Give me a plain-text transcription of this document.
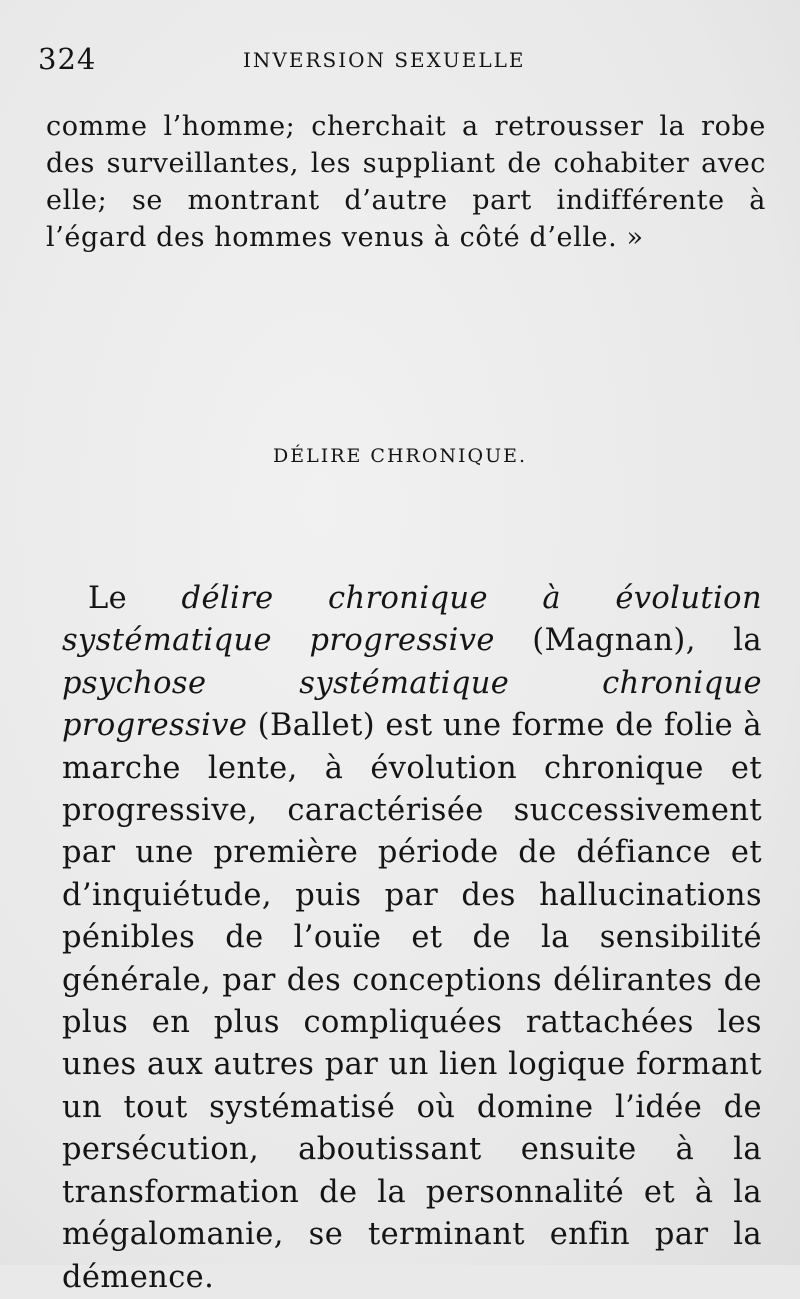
324	INVERSION SEXUELLE

comme l’homme; cherchait a retrousser la robe des surveillantes, les suppliant de cohabiter avec elle; se montrant d’autre part indifférente à l’égard des hommes venus à côté d’elle. »

DÉLIRE CHRONIQUE.

Le délire chronique à évolution systématique progressive (Magnan), la psychose systématique chronique progressive (Ballet) est une forme de folie à marche lente, à évolution chronique et progressive, caractérisée successivement par une première période de défiance et d’inquiétude, puis par des hallucinations pénibles de l’ouïe et de la sensibilité générale, par des conceptions délirantes de plus en plus compliquées rattachées les unes aux autres par un lien logique formant un tout systématisé où domine l’idée de persécution, aboutissant ensuite à la transformation de la personnalité et à la mégalomanie, se terminant enfin par la démence.
